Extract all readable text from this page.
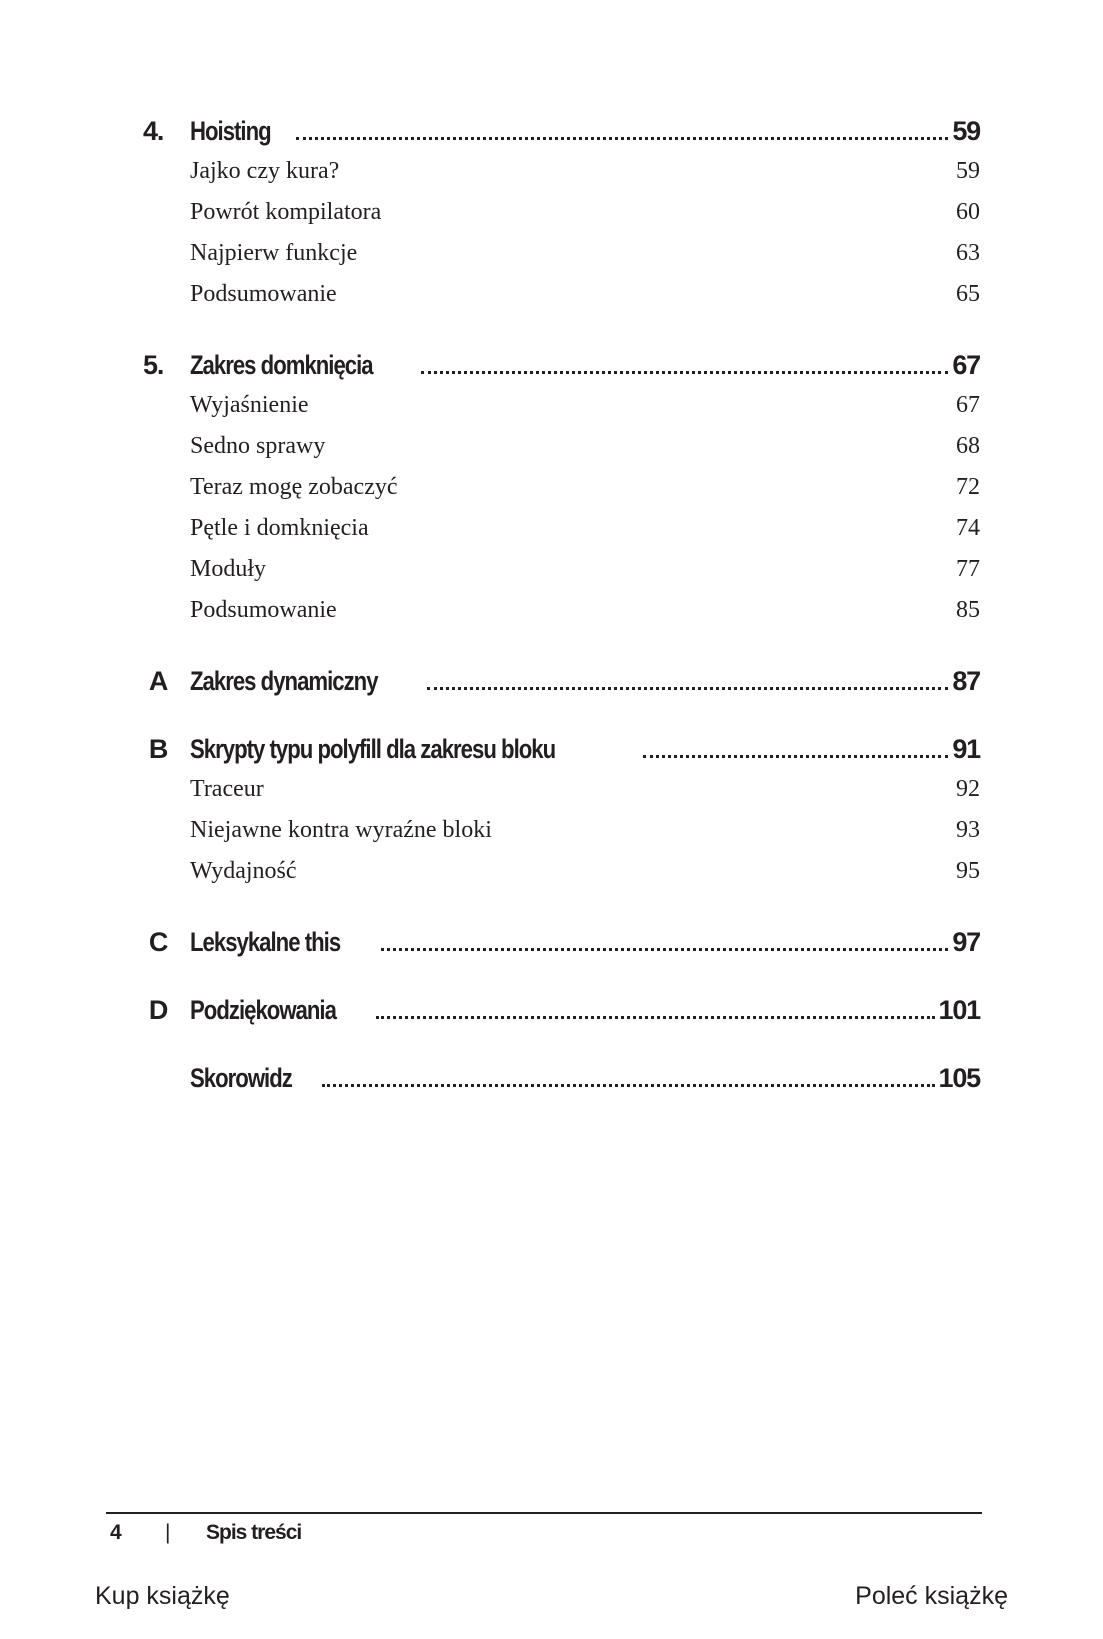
4. Hoisting	59
Jajko czy kura?	59
Powrót kompilatora	60
Najpierw funkcje	63
Podsumowanie	65
5. Zakres domknięcia	67
Wyjaśnienie	67
Sedno sprawy	68
Teraz mogę zobaczyć	72
Pętle i domknięcia	74
Moduły	77
Podsumowanie	85
A Zakres dynamiczny	87
B Skrypty typu polyfill dla zakresu bloku	91
Traceur	92
Niejawne kontra wyraźne bloki	93
Wydajność	95
C Leksykalne this	97
D Podziękowania	101
Skorowidz	105
4 | Spis treści
Kup książkę	Poleć książkę
